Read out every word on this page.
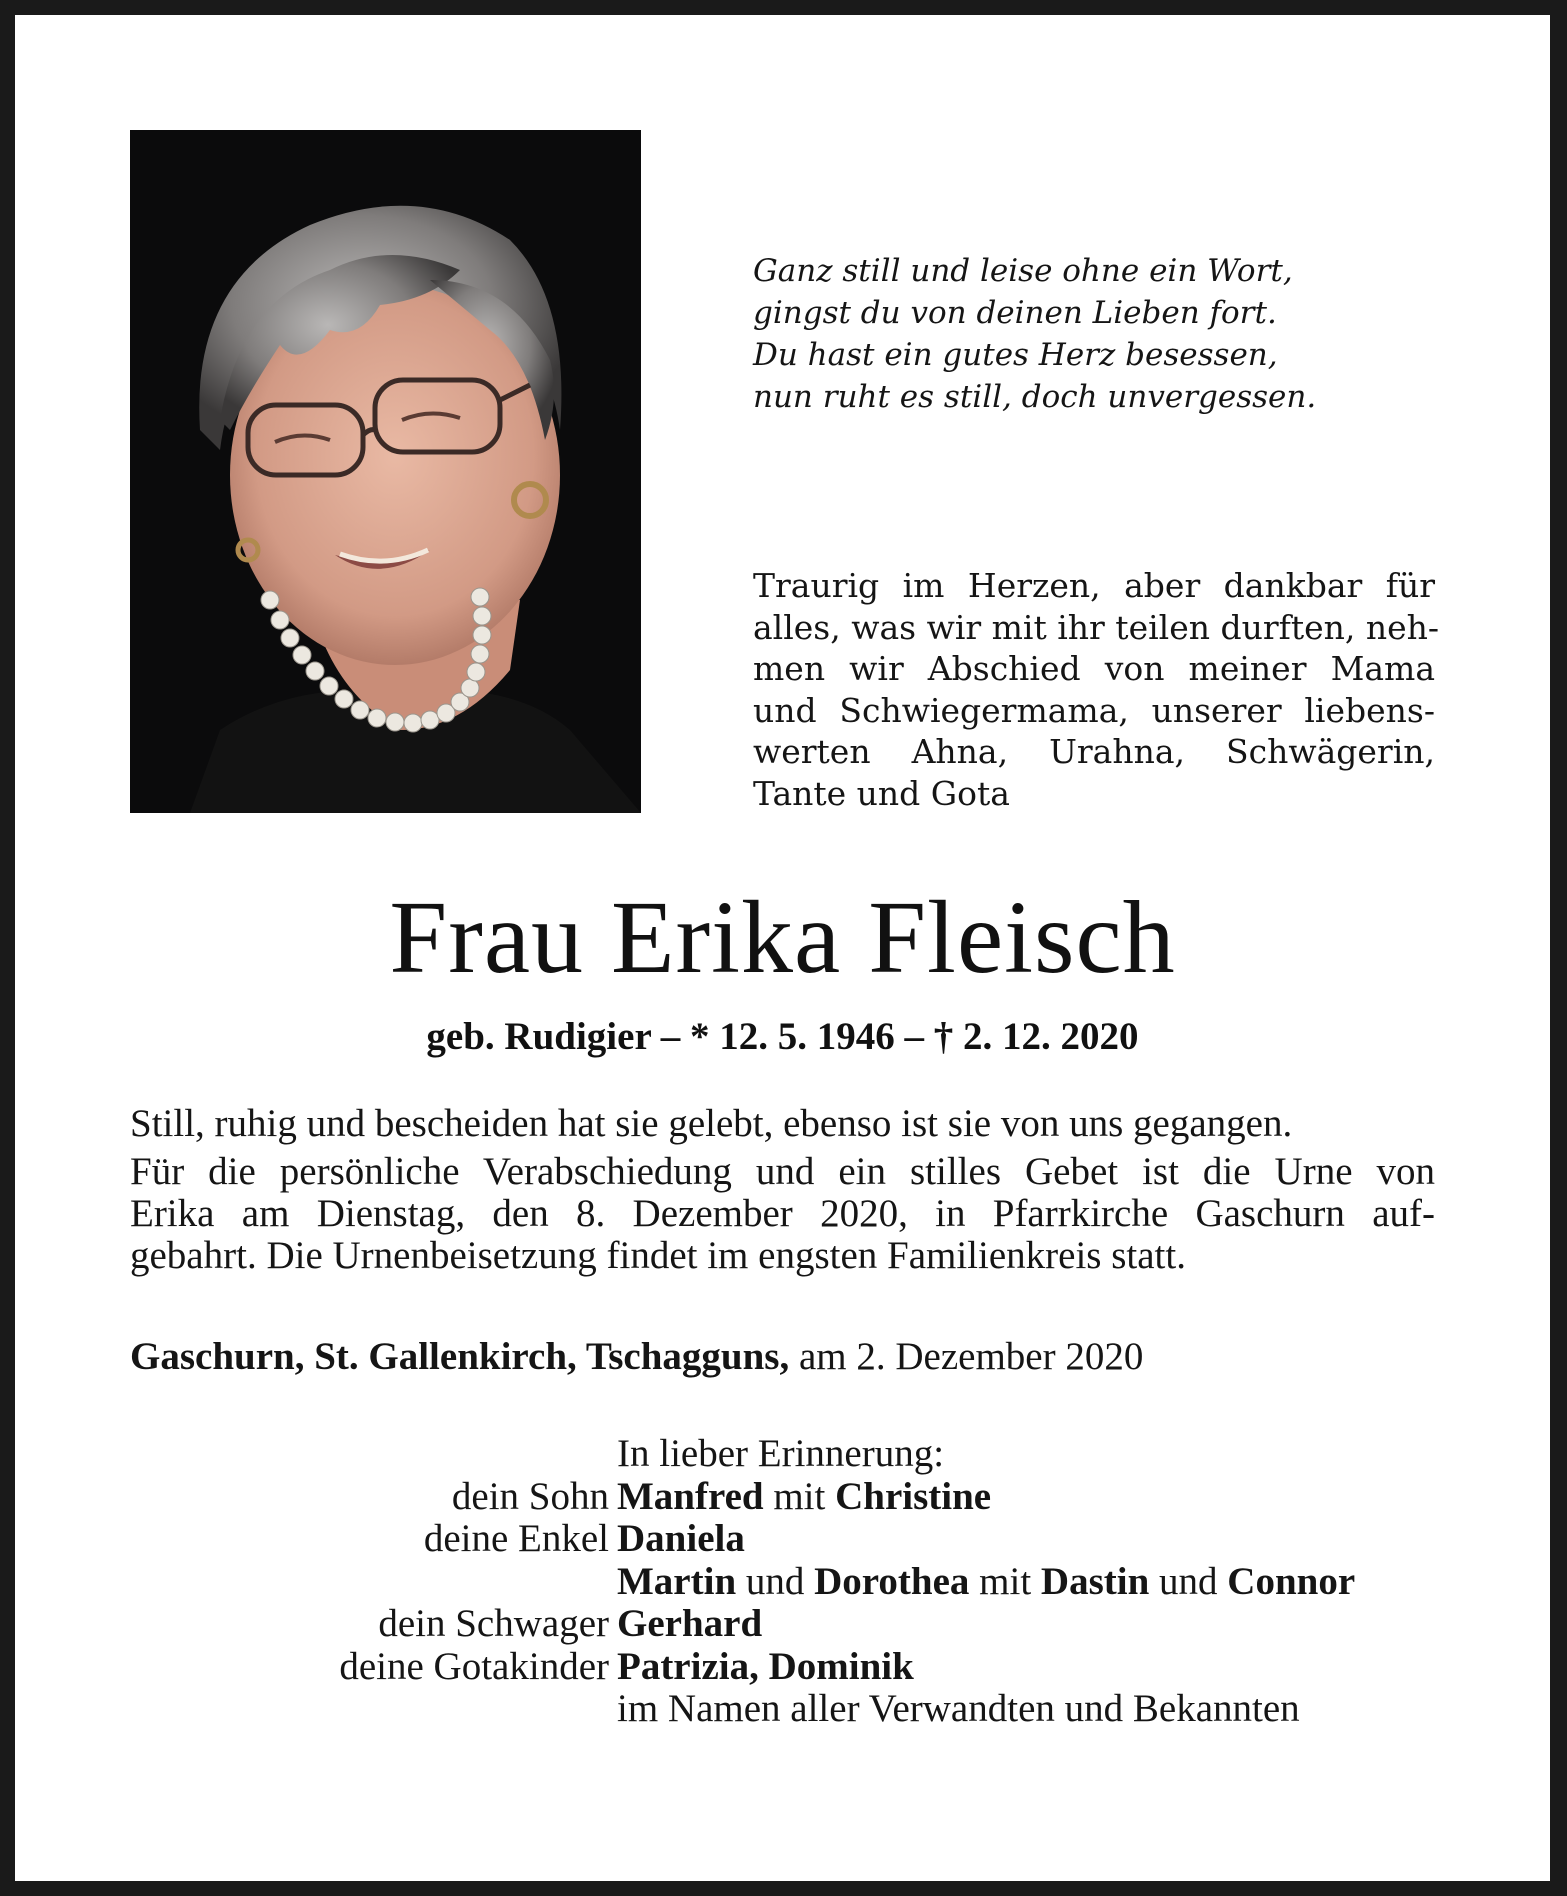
Ganz still und leise ohne ein Wort,
gingst du von deinen Lieben fort.
Du hast ein gutes Herz besessen,
nun ruht es still, doch unvergessen.
Traurig im Herzen, aber dankbar für
alles, was wir mit ihr teilen durften, neh-
men wir Abschied von meiner Mama
und Schwiegermama, unserer liebens-
werten Ahna, Urahna, Schwägerin,
Tante und Gota
Frau Erika Fleisch
geb. Rudigier – * 12. 5. 1946 – † 2. 12. 2020
Still, ruhig und bescheiden hat sie gelebt, ebenso ist sie von uns gegangen.
Für die persönliche Verabschiedung und ein stilles Gebet ist die Urne von
Erika am Dienstag, den 8. Dezember 2020, in Pfarrkirche Gaschurn auf-
gebahrt. Die Urnenbeisetzung findet im engsten Familienkreis statt.
Gaschurn, St. Gallenkirch, Tschagguns, am 2. Dezember 2020
In lieber Erinnerung:
dein Sohn Manfred mit Christine
deine Enkel Daniela
Martin und Dorothea mit Dastin und Connor
dein Schwager Gerhard
deine Gotakinder Patrizia, Dominik
im Namen aller Verwandten und Bekannten
